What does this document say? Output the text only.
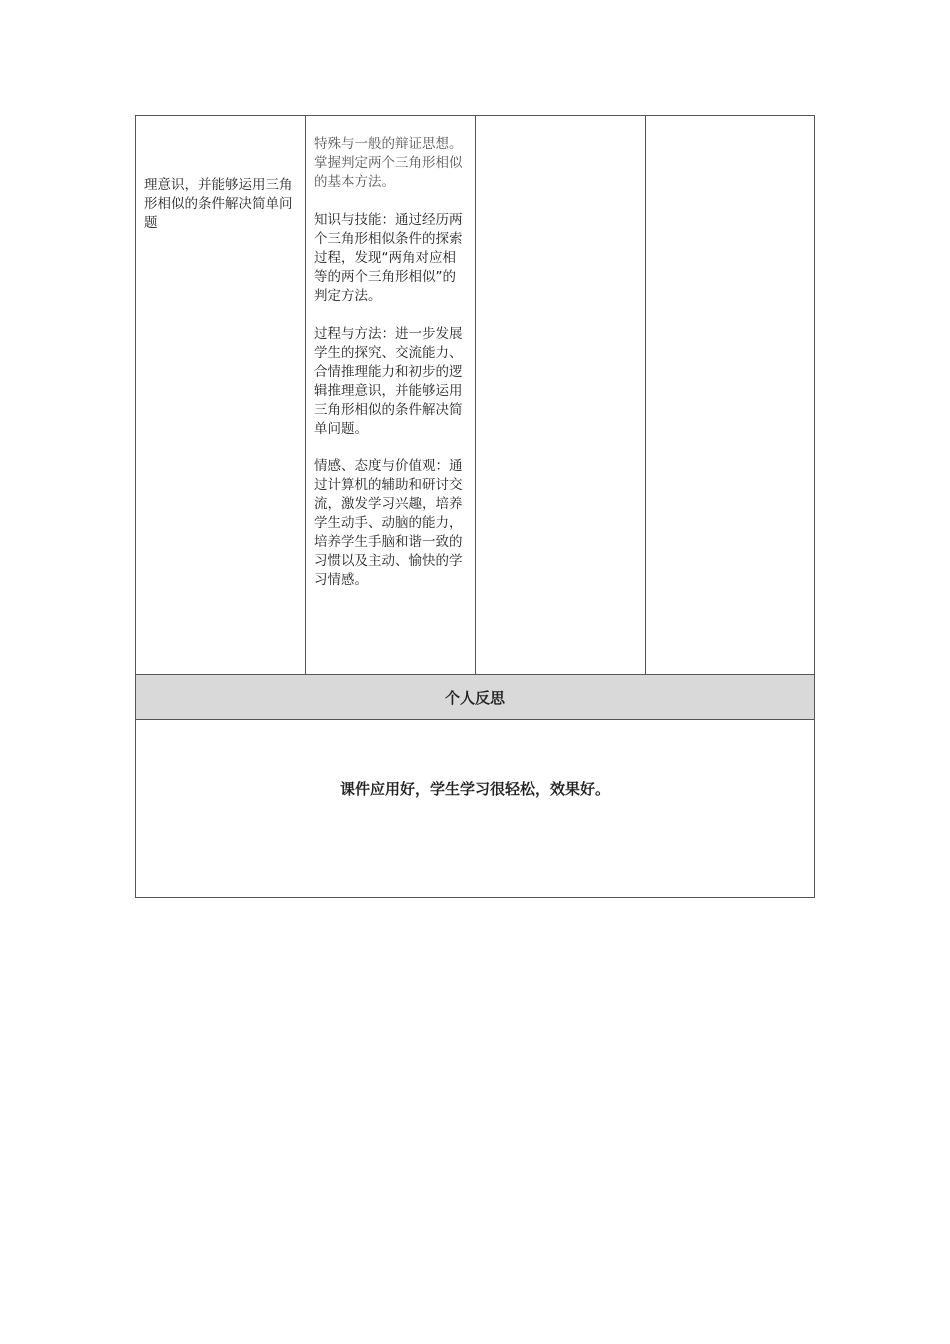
理意识，并能够运用三角形相似的条件解决简单问题

特殊与一般的辩证思想。掌握判定两个三角形相似的基本方法。

知识与技能：通过经历两个三角形相似条件的探索过程，发现“两角对应相等的两个三角形相似”的判定方法。

过程与方法：进一步发展学生的探究、交流能力、合情推理能力和初步的逻辑推理意识，并能够运用三角形相似的条件解决简单问题。

情感、态度与价值观：通过计算机的辅助和研讨交流，激发学习兴趣，培养学生动手、动脑的能力，培养学生手脑和谐一致的习惯以及主动、愉快的学习情感。

个人反思
课件应用好，学生学习很轻松，效果好。
